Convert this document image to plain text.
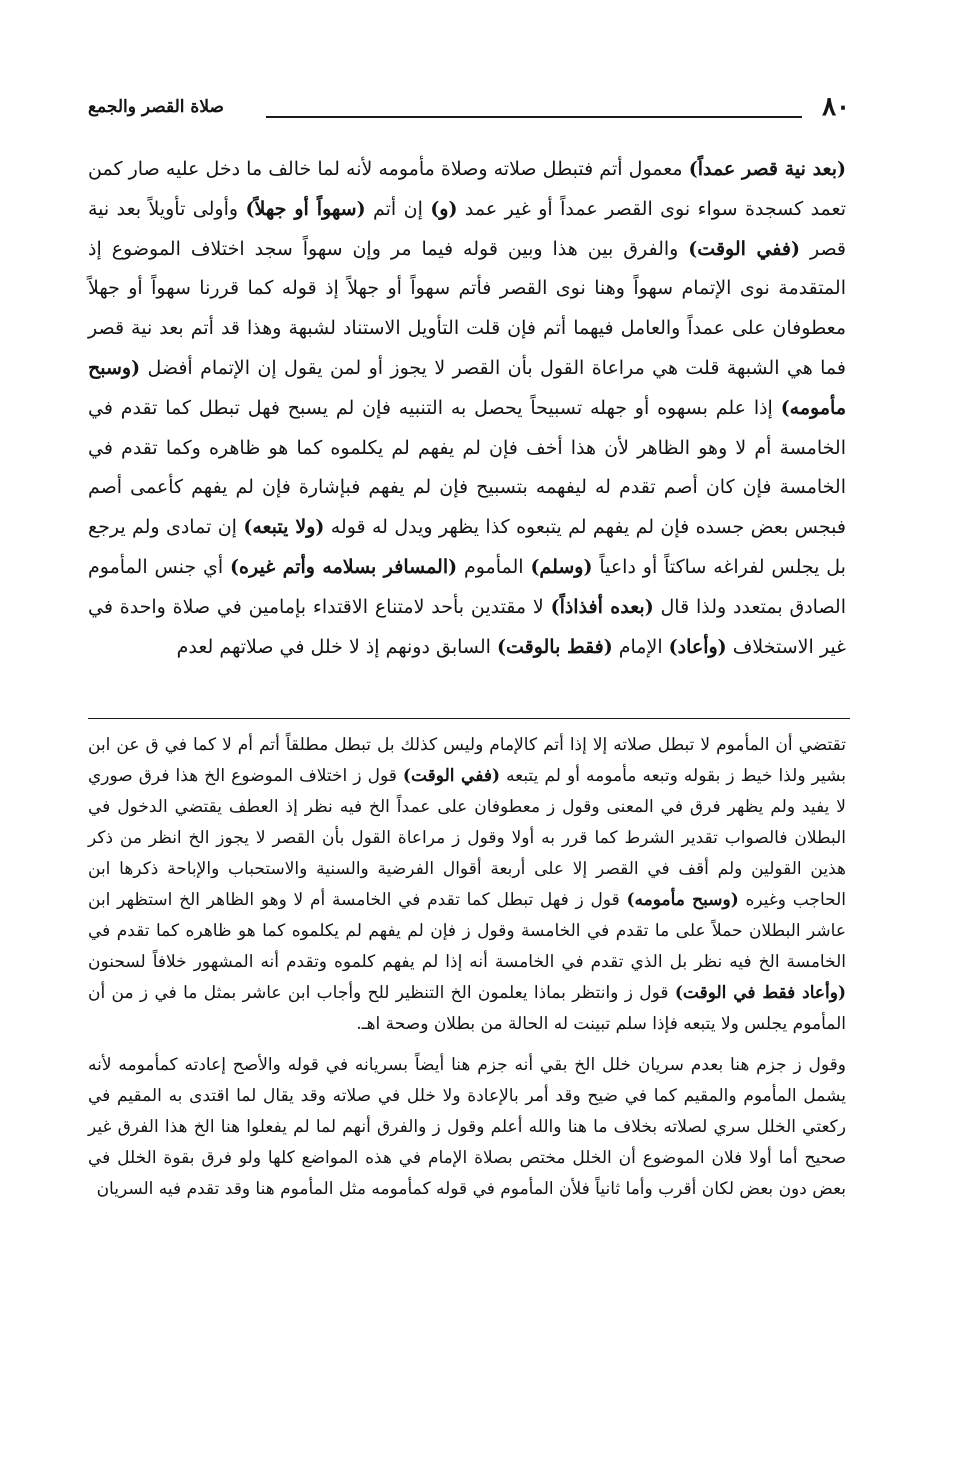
٨٠
صلاة القصر والجمع

(بعد نية قصر عمداً) معمول أتم فتبطل صلاته وصلاة مأمومه لأنه لما خالف ما دخل عليه صار كمن تعمد كسجدة سواء نوى القصر عمداً أو غير عمد (و) إن أتم (سهواً أو جهلاً) وأولى تأويلاً بعد نية قصر (ففي الوقت) والفرق بين هذا وبين قوله فيما مر وإن سهواً سجد اختلاف الموضوع إذ المتقدمة نوى الإتمام سهواً وهنا نوى القصر فأتم سهواً أو جهلاً إذ قوله كما قررنا سهواً أو جهلاً معطوفان على عمداً والعامل فيهما أتم فإن قلت التأويل الاستناد لشبهة وهذا قد أتم بعد نية قصر فما هي الشبهة قلت هي مراعاة القول بأن القصر لا يجوز أو لمن يقول إن الإتمام أفضل (وسبح مأمومه) إذا علم بسهوه أو جهله تسبيحاً يحصل به التنبيه فإن لم يسبح فهل تبطل كما تقدم في الخامسة أم لا وهو الظاهر لأن هذا أخف فإن لم يفهم لم يكلموه كما هو ظاهره وكما تقدم في الخامسة فإن كان أصم تقدم له ليفهمه بتسبيح فإن لم يفهم فبإشارة فإن لم يفهم كأعمى أصم فبجس بعض جسده فإن لم يفهم لم يتبعوه كذا يظهر ويدل له قوله (ولا يتبعه) إن تمادى ولم يرجع بل يجلس لفراغه ساكتاً أو داعياً (وسلم) المأموم (المسافر بسلامه وأتم غيره) أي جنس المأموم الصادق بمتعدد ولذا قال (بعده أفذاذاً) لا مقتدين بأحد لامتناع الاقتداء بإمامين في صلاة واحدة في غير الاستخلاف (وأعاد) الإمام (فقط بالوقت) السابق دونهم إذ لا خلل في صلاتهم لعدم

تقتضي أن المأموم لا تبطل صلاته إلا إذا أتم كالإمام وليس كذلك بل تبطل مطلقاً أتم أم لا كما في ق عن ابن بشير ولذا خيط ز بقوله وتبعه مأمومه أو لم يتبعه (ففي الوقت) قول ز اختلاف الموضوع الخ هذا فرق صوري لا يفيد ولم يظهر فرق في المعنى وقول ز معطوفان على عمداً الخ فيه نظر إذ العطف يقتضي الدخول في البطلان فالصواب تقدير الشرط كما قرر به أولا وقول ز مراعاة القول بأن القصر لا يجوز الخ انظر من ذكر هذين القولين ولم أقف في القصر إلا على أربعة أقوال الفرضية والسنية والاستحباب والإباحة ذكرها ابن الحاجب وغيره (وسبح مأمومه) قول ز فهل تبطل كما تقدم في الخامسة أم لا وهو الظاهر الخ استظهر ابن عاشر البطلان حملاً على ما تقدم في الخامسة وقول ز فإن لم يفهم لم يكلموه كما هو ظاهره كما تقدم في الخامسة الخ فيه نظر بل الذي تقدم في الخامسة أنه إذا لم يفهم كلموه وتقدم أنه المشهور خلافاً لسحنون (وأعاد فقط في الوقت) قول ز وانتظر بماذا يعلمون الخ التنظير للح وأجاب ابن عاشر بمثل ما في ز من أن المأموم يجلس ولا يتبعه فإذا سلم تبينت له الحالة من بطلان وصحة اهـ.

وقول ز جزم هنا بعدم سريان خلل الخ بقي أنه جزم هنا أيضاً بسريانه في قوله والأصح إعادته كمأمومه لأنه يشمل المأموم والمقيم كما في ضيح وقد أمر بالإعادة ولا خلل في صلاته وقد يقال لما اقتدى به المقيم في ركعتي الخلل سري لصلاته بخلاف ما هنا والله أعلم وقول ز والفرق أنهم لما لم يفعلوا هنا الخ هذا الفرق غير صحيح أما أولا فلان الموضوع أن الخلل مختص بصلاة الإمام في هذه المواضع كلها ولو فرق بقوة الخلل في بعض دون بعض لكان أقرب وأما ثانياً فلأن المأموم في قوله كمأمومه مثل المأموم هنا وقد تقدم فيه السريان
